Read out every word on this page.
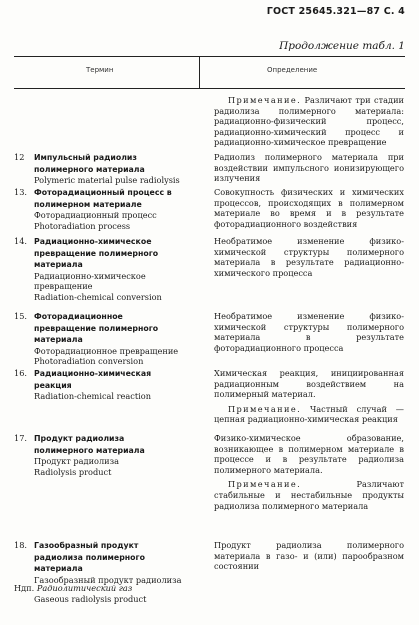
ГОСТ 25645.321—87 С. 4
Продолжение табл. 1
Термин	Определение
Примечание. Различают три стадии радиолиза полимерного материала: радиационно-физический процесс, радиационно-химический процесс и радиационно-химическое превращение
12 Импульсный радиолиз полимерного материала
Polymeric material pulse radiolysis
Радиолиз полимерного материала при воздействии импульсного ионизирующего излучения
13. Фоторадиационный процесс в полимерном материале
Фоторадиационный процесс
Photoradiation process
Совокупность физических и химических процессов, происходящих в полимерном материале во время и в результате фоторадиационного воздействия
14. Радиационно-химическое превращение полимерного материала
Радиационно-химическое превращение
Radiation-chemical conversion
Необратимое изменение физико-химической структуры полимерного материала в результате радиационно-химического процесса
15. Фоторадиационное превращение полимерного материала
Фоторадиационное превращение
Photoradiation conversion
Необратимое изменение физико-химической структуры полимерного материала в результате фоторадиационного процесса
16. Радиационно-химическая реакция
Radiation-chemical reaction
Химическая реакция, инициированная радиационным воздействием на полимерный материал.
Примечание. Частный случай — цепная радиационно-химическая реакция
17. Продукт радиолиза полимерного материала
Продукт радиолиза
Radiolysis product
Физико-химическое образование, возникающее в полимерном материале в процессе и в результате радиолиза полимерного материала.
Примечание.	Различают стабильные и нестабильные продукты радиолиза полимерного материала
18. Газообразный продукт радиолиза полимерного материала
Газообразный продукт радиолиза
Продукт радиолиза полимерного материала в газо- и (или) парообразном состоянии
Ндп. Радиолитический газ
Gaseous radiolysis product
